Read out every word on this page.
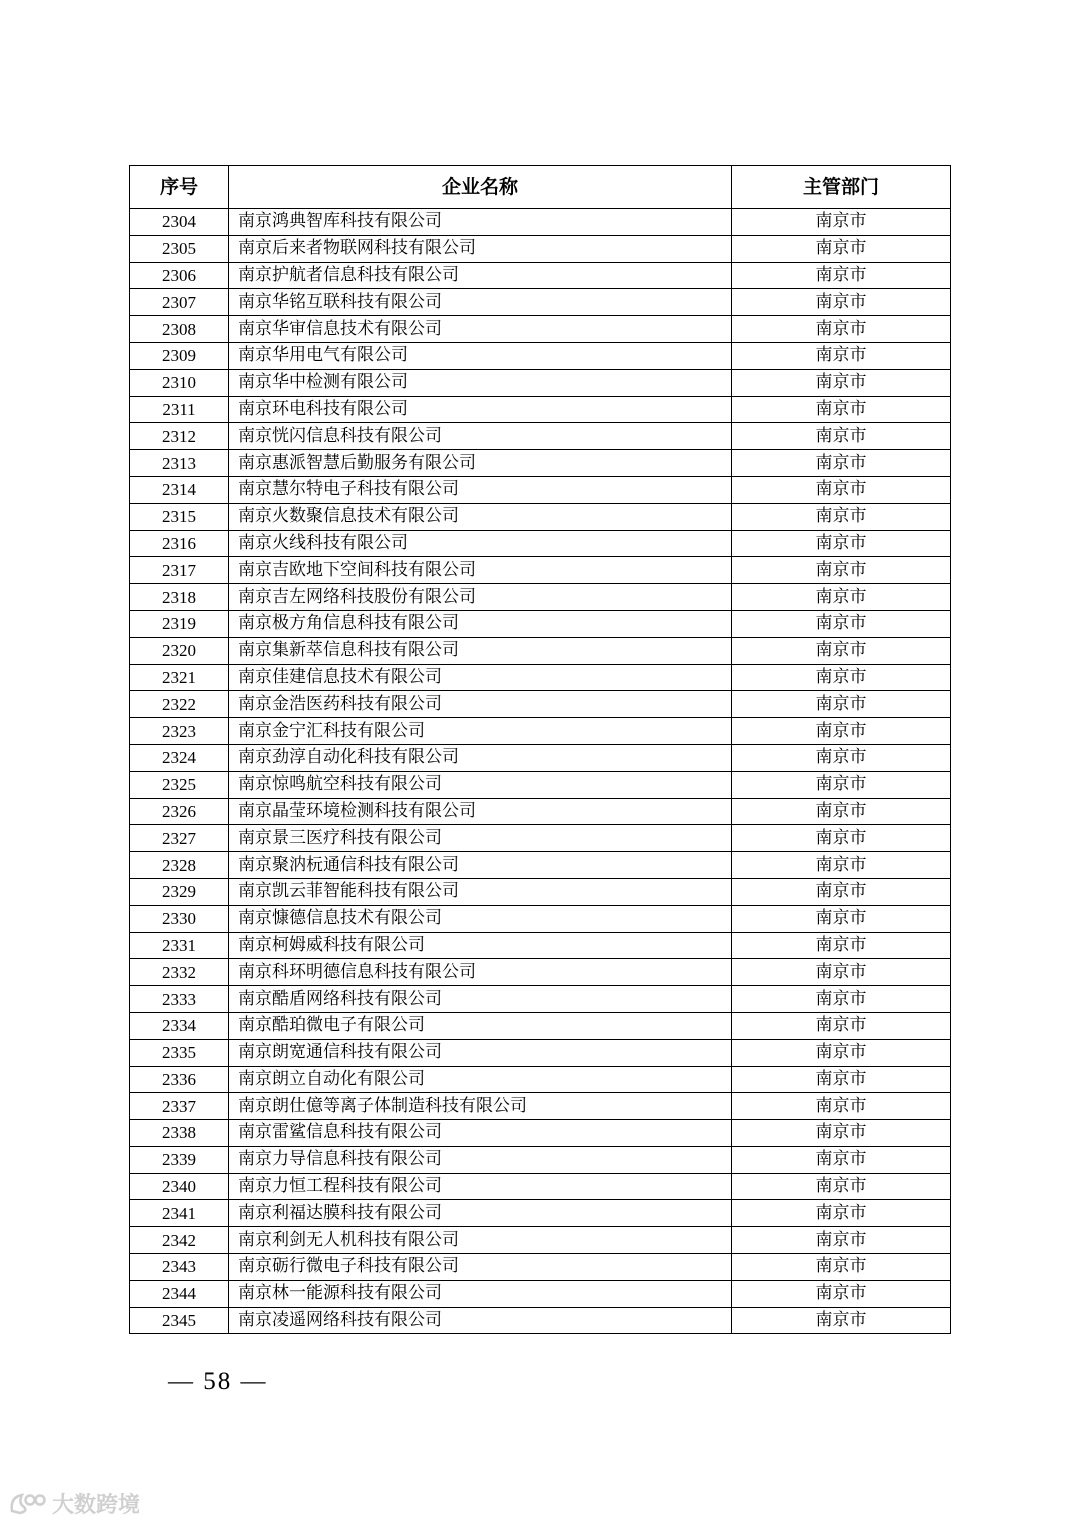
序号	企业名称	主管部门
2304	南京鸿典智库科技有限公司	南京市
2305	南京后来者物联网科技有限公司	南京市
2306	南京护航者信息科技有限公司	南京市
2307	南京华铭互联科技有限公司	南京市
2308	南京华审信息技术有限公司	南京市
2309	南京华用电气有限公司	南京市
2310	南京华中检测有限公司	南京市
2311	南京环电科技有限公司	南京市
2312	南京恍闪信息科技有限公司	南京市
2313	南京惠派智慧后勤服务有限公司	南京市
2314	南京慧尔特电子科技有限公司	南京市
2315	南京火数聚信息技术有限公司	南京市
2316	南京火线科技有限公司	南京市
2317	南京吉欧地下空间科技有限公司	南京市
2318	南京吉左网络科技股份有限公司	南京市
2319	南京极方角信息科技有限公司	南京市
2320	南京集新萃信息科技有限公司	南京市
2321	南京佳建信息技术有限公司	南京市
2322	南京金浩医药科技有限公司	南京市
2323	南京金宁汇科技有限公司	南京市
2324	南京劲淳自动化科技有限公司	南京市
2325	南京惊鸣航空科技有限公司	南京市
2326	南京晶莹环境检测科技有限公司	南京市
2327	南京景三医疗科技有限公司	南京市
2328	南京聚汭杬通信科技有限公司	南京市
2329	南京凯云菲智能科技有限公司	南京市
2330	南京慷德信息技术有限公司	南京市
2331	南京柯姆威科技有限公司	南京市
2332	南京科环明德信息科技有限公司	南京市
2333	南京酷盾网络科技有限公司	南京市
2334	南京酷珀微电子有限公司	南京市
2335	南京朗宽通信科技有限公司	南京市
2336	南京朗立自动化有限公司	南京市
2337	南京朗仕億等离子体制造科技有限公司	南京市
2338	南京雷鲨信息科技有限公司	南京市
2339	南京力导信息科技有限公司	南京市
2340	南京力恒工程科技有限公司	南京市
2341	南京利福达膜科技有限公司	南京市
2342	南京利剑无人机科技有限公司	南京市
2343	南京砺行微电子科技有限公司	南京市
2344	南京林一能源科技有限公司	南京市
2345	南京凌遥网络科技有限公司	南京市
— 58 —
大数跨境
